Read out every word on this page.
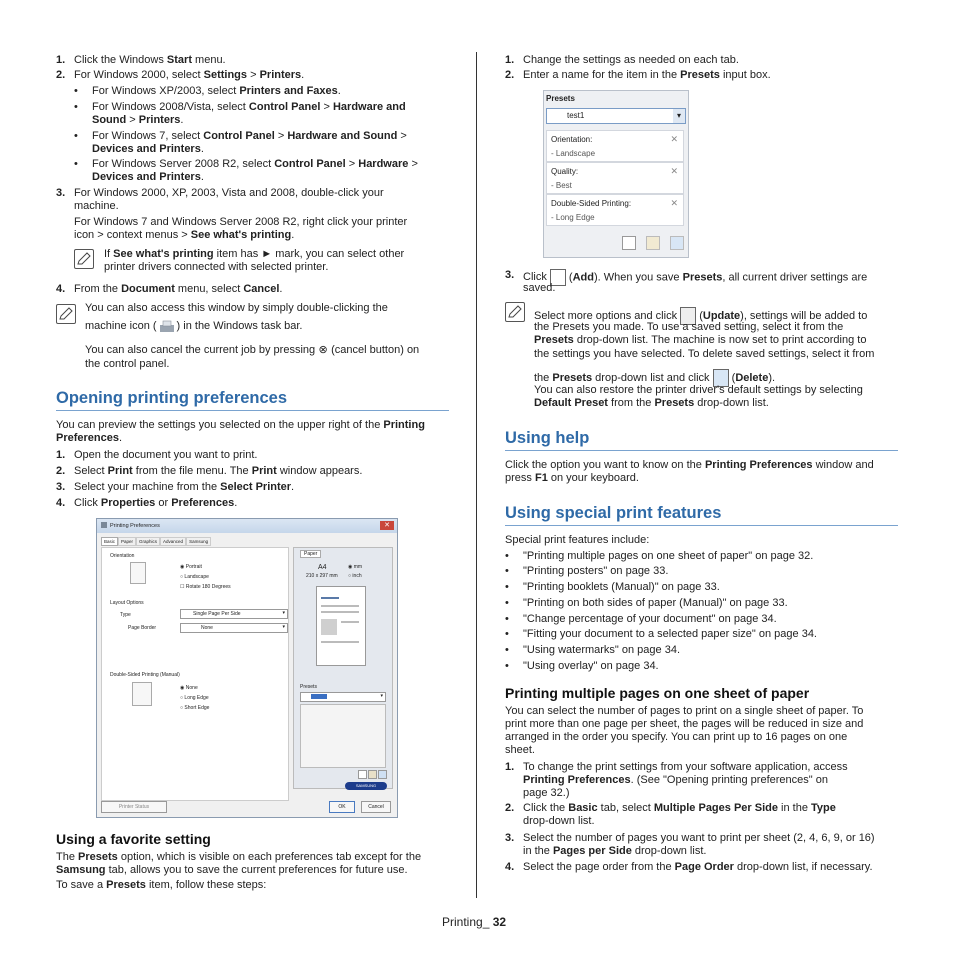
1. Click the Windows Start menu.
2. For Windows 2000, select Settings > Printers.
• For Windows XP/2003, select Printers and Faxes.
• For Windows 2008/Vista, select Control Panel > Hardware and
Sound > Printers.
• For Windows 7, select Control Panel > Hardware and Sound >
Devices and Printers.
• For Windows Server 2008 R2, select Control Panel > Hardware >
Devices and Printers.
3. For Windows 2000, XP, 2003, Vista and 2008, double-click your
machine.
For Windows 7 and Windows Server 2008 R2, right click your printer
icon > context menus > See what's printing.
If See what's printing item has ► mark, you can select other
printer drivers connected with selected printer.
4. From the Document menu, select Cancel.
You can also access this window by simply double-clicking the
machine icon ( ) in the Windows task bar.
You can also cancel the current job by pressing ⊗ (cancel button) on
the control panel.
Opening printing preferences
You can preview the settings you selected on the upper right of the Printing
Preferences.
1. Open the document you want to print.
2. Select Print from the file menu. The Print window appears.
3. Select your machine from the Select Printer.
4. Click Properties or Preferences.
Printing Preferences	✕
Basic Paper Graphics Advanced Samsung
Orientation
◉ Portrait
○ Landscape
☐ Rotate 180 Degrees
Layout Options
Type	Single Page Per Side	▾
Page Border	None	▾
Double-Sided Printing (Manual)
◉ None
○ Long Edge
○ Short Edge
Paper
A4
210 x 297 mm
◉ mm
○ inch
Presets
▾
SAMSUNG
Printer Status	OK	Cancel
Using a favorite setting
The Presets option, which is visible on each preferences tab except for the
Samsung tab, allows you to save the current preferences for future use.
To save a Presets item, follow these steps:
1. Change the settings as needed on each tab.
2. Enter a name for the item in the Presets input box.
Presets
test1	▾
Orientation:
- Landscape
✕
Quality:
- Best
✕
Double-Sided Printing:
- Long Edge
✕
3. Click (Add). When you save Presets, all current driver settings are
saved.
Select more options and click (Update), settings will be added to
the Presets you made. To use a saved setting, select it from the
Presets drop-down list. The machine is now set to print according to
the settings you have selected. To delete saved settings, select it from
the Presets drop-down list and click (Delete).
You can also restore the printer driver's default settings by selecting
Default Preset from the Presets drop-down list.
Using help
Click the option you want to know on the Printing Preferences window and
press F1 on your keyboard.
Using special print features
Special print features include:
• "Printing multiple pages on one sheet of paper" on page 32.
• "Printing posters" on page 33.
• "Printing booklets (Manual)" on page 33.
• "Printing on both sides of paper (Manual)" on page 33.
• "Change percentage of your document" on page 34.
• "Fitting your document to a selected paper size" on page 34.
• "Using watermarks" on page 34.
• "Using overlay" on page 34.
Printing multiple pages on one sheet of paper
You can select the number of pages to print on a single sheet of paper. To
print more than one page per sheet, the pages will be reduced in size and
arranged in the order you specify. You can print up to 16 pages on one
sheet.
1. To change the print settings from your software application, access
Printing Preferences. (See "Opening printing preferences" on
page 32.)
2. Click the Basic tab, select Multiple Pages Per Side in the Type
drop-down list.
3. Select the number of pages you want to print per sheet (2, 4, 6, 9, or 16)
in the Pages per Side drop-down list.
4. Select the page order from the Page Order drop-down list, if necessary.
Printing_ 32
